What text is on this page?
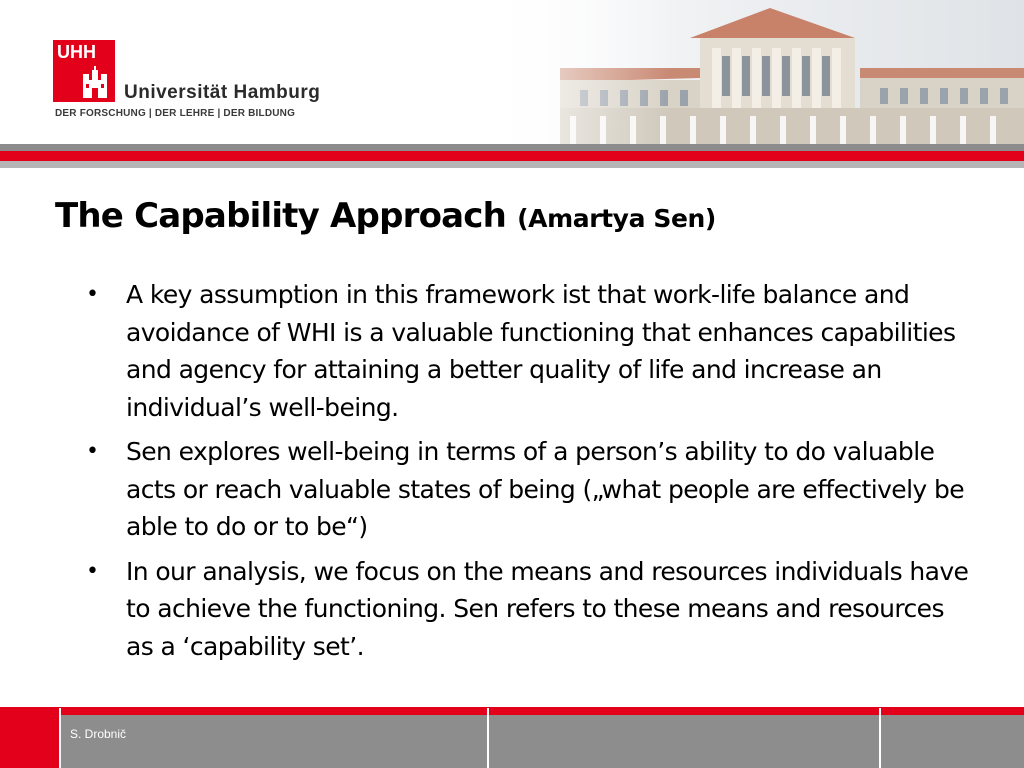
UHH
Universität Hamburg
DER FORSCHUNG | DER LEHRE | DER BILDUNG
The Capability Approach (Amartya Sen)
• A key assumption in this framework ist that work-life balance and avoidance of WHI is a valuable functioning that enhances capabilities and agency for attaining a better quality of life and increase an individual’s well-being.
• Sen explores well-being in terms of a person’s ability to do valuable acts or reach valuable states of being („what people are effectively be able to do or to be“)
• In our analysis, we focus on the means and resources individuals have to achieve the functioning. Sen refers to these means and resources as a ‘capability set’.
S. Drobnič
